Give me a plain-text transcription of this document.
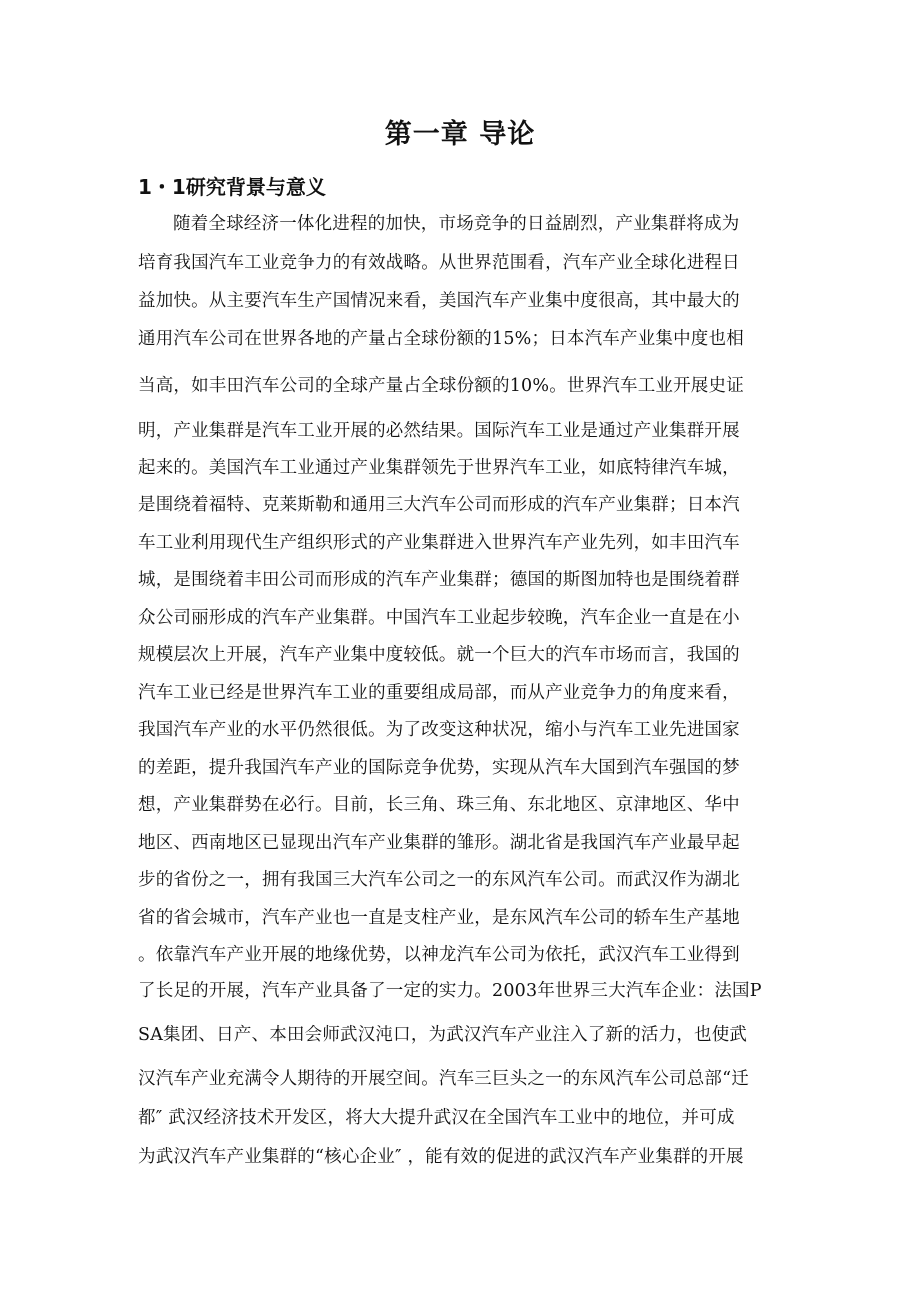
第一章 导论
1・1研究背景与意义
随着全球经济一体化进程的加快，市场竞争的日益剧烈，产业集群将成为
培育我国汽车工业竞争力的有效战略。从世界范围看，汽车产业全球化进程日
益加快。从主要汽车生产国情况来看，美国汽车产业集中度很高，其中最大的
通用汽车公司在世界各地的产量占全球份额的15%；日本汽车产业集中度也相
当高，如丰田汽车公司的全球产量占全球份额的10%。世界汽车工业开展史证
明，产业集群是汽车工业开展的必然结果。国际汽车工业是通过产业集群开展
起来的。美国汽车工业通过产业集群领先于世界汽车工业，如底特律汽车城，
是围绕着福特、克莱斯勒和通用三大汽车公司而形成的汽车产业集群；日本汽
车工业利用现代生产组织形式的产业集群进入世界汽车产业先列，如丰田汽车
城，是围绕着丰田公司而形成的汽车产业集群；德国的斯图加特也是围绕着群
众公司丽形成的汽车产业集群。中国汽车工业起步较晚，汽车企业一直是在小
规模层次上开展，汽车产业集中度较低。就一个巨大的汽车市场而言，我国的
汽车工业已经是世界汽车工业的重要组成局部，而从产业竞争力的角度来看，
我国汽车产业的水平仍然很低。为了改变这种状况，缩小与汽车工业先进国家
的差距，提升我国汽车产业的国际竞争优势，实现从汽车大国到汽车强国的梦
想，产业集群势在必行。目前，长三角、珠三角、东北地区、京津地区、华中
地区、西南地区已显现出汽车产业集群的雏形。湖北省是我国汽车产业最早起
步的省份之一，拥有我国三大汽车公司之一的东风汽车公司。而武汉作为湖北
省的省会城市，汽车产业也一直是支柱产业，是东风汽车公司的轿车生产基地
。依靠汽车产业开展的地缘优势，以神龙汽车公司为依托，武汉汽车工业得到
了长足的开展，汽车产业具备了一定的实力。2003年世界三大汽车企业：法国P
SA集团、日产、本田会师武汉沌口，为武汉汽车产业注入了新的活力，也使武
汉汽车产业充满令人期待的开展空间。汽车三巨头之一的东风汽车公司总部“迁
都″ 武汉经济技术开发区，将大大提升武汉在全国汽车工业中的地位，并可成
为武汉汽车产业集群的“核心企业″ ，能有效的促进的武汉汽车产业集群的开展
